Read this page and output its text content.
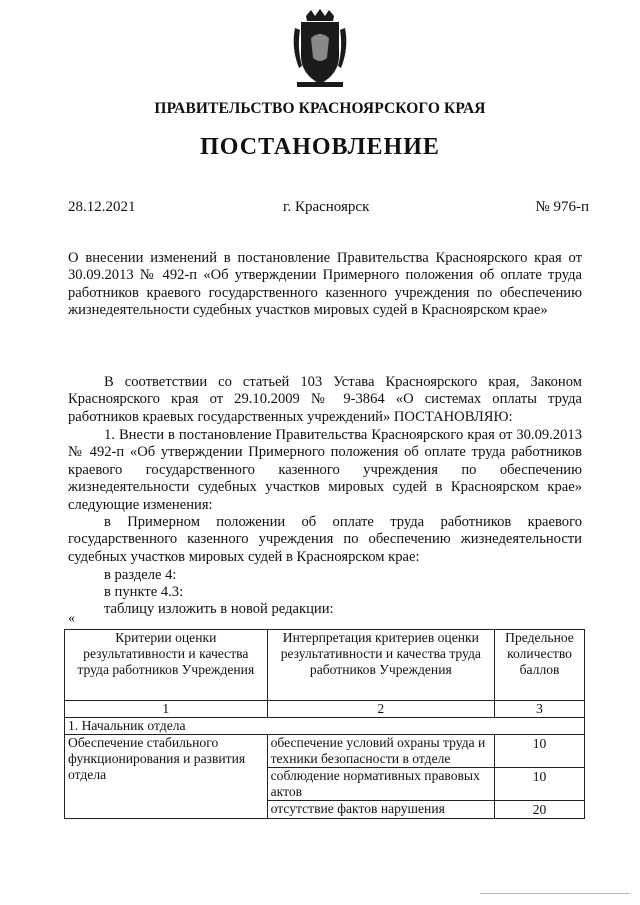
ПРАВИТЕЛЬСТВО КРАСНОЯРСКОГО КРАЯ
ПОСТАНОВЛЕНИЕ
28.12.2021	г. Красноярск	№ 976-п
О внесении изменений в постановление Правительства Красноярского края от 30.09.2013 № 492-п «Об утверждении Примерного положения об оплате труда работников краевого государственного казенного учреждения по обеспечению жизнедеятельности судебных участков мировых судей в Красноярском крае»
В соответствии со статьей 103 Устава Красноярского края, Законом Красноярского края от 29.10.2009 № 9-3864 «О системах оплаты труда работников краевых государственных учреждений» ПОСТАНОВЛЯЮ:
1. Внести в постановление Правительства Красноярского края от 30.09.2013 № 492-п «Об утверждении Примерного положения об оплате труда работников краевого государственного казенного учреждения по обеспечению жизнедеятельности судебных участков мировых судей в Красноярском крае» следующие изменения:
в Примерном положении об оплате труда работников краевого государственного казенного учреждения по обеспечению жизнедеятельности судебных участков мировых судей в Красноярском крае:
в разделе 4:
в пункте 4.3:
таблицу изложить в новой редакции:
«
Критерии оценки результативности и качества труда работников Учреждения	Интерпретация критериев оценки результативности и качества труда работников Учреждения	Предельное количество баллов
1	2	3
1. Начальник отдела		
Обеспечение стабильного функционирования и развития отдела	обеспечение условий охраны труда и техники безопасности в отделе	10
	соблюдение нормативных правовых актов	10
	отсутствие фактов нарушения	20
